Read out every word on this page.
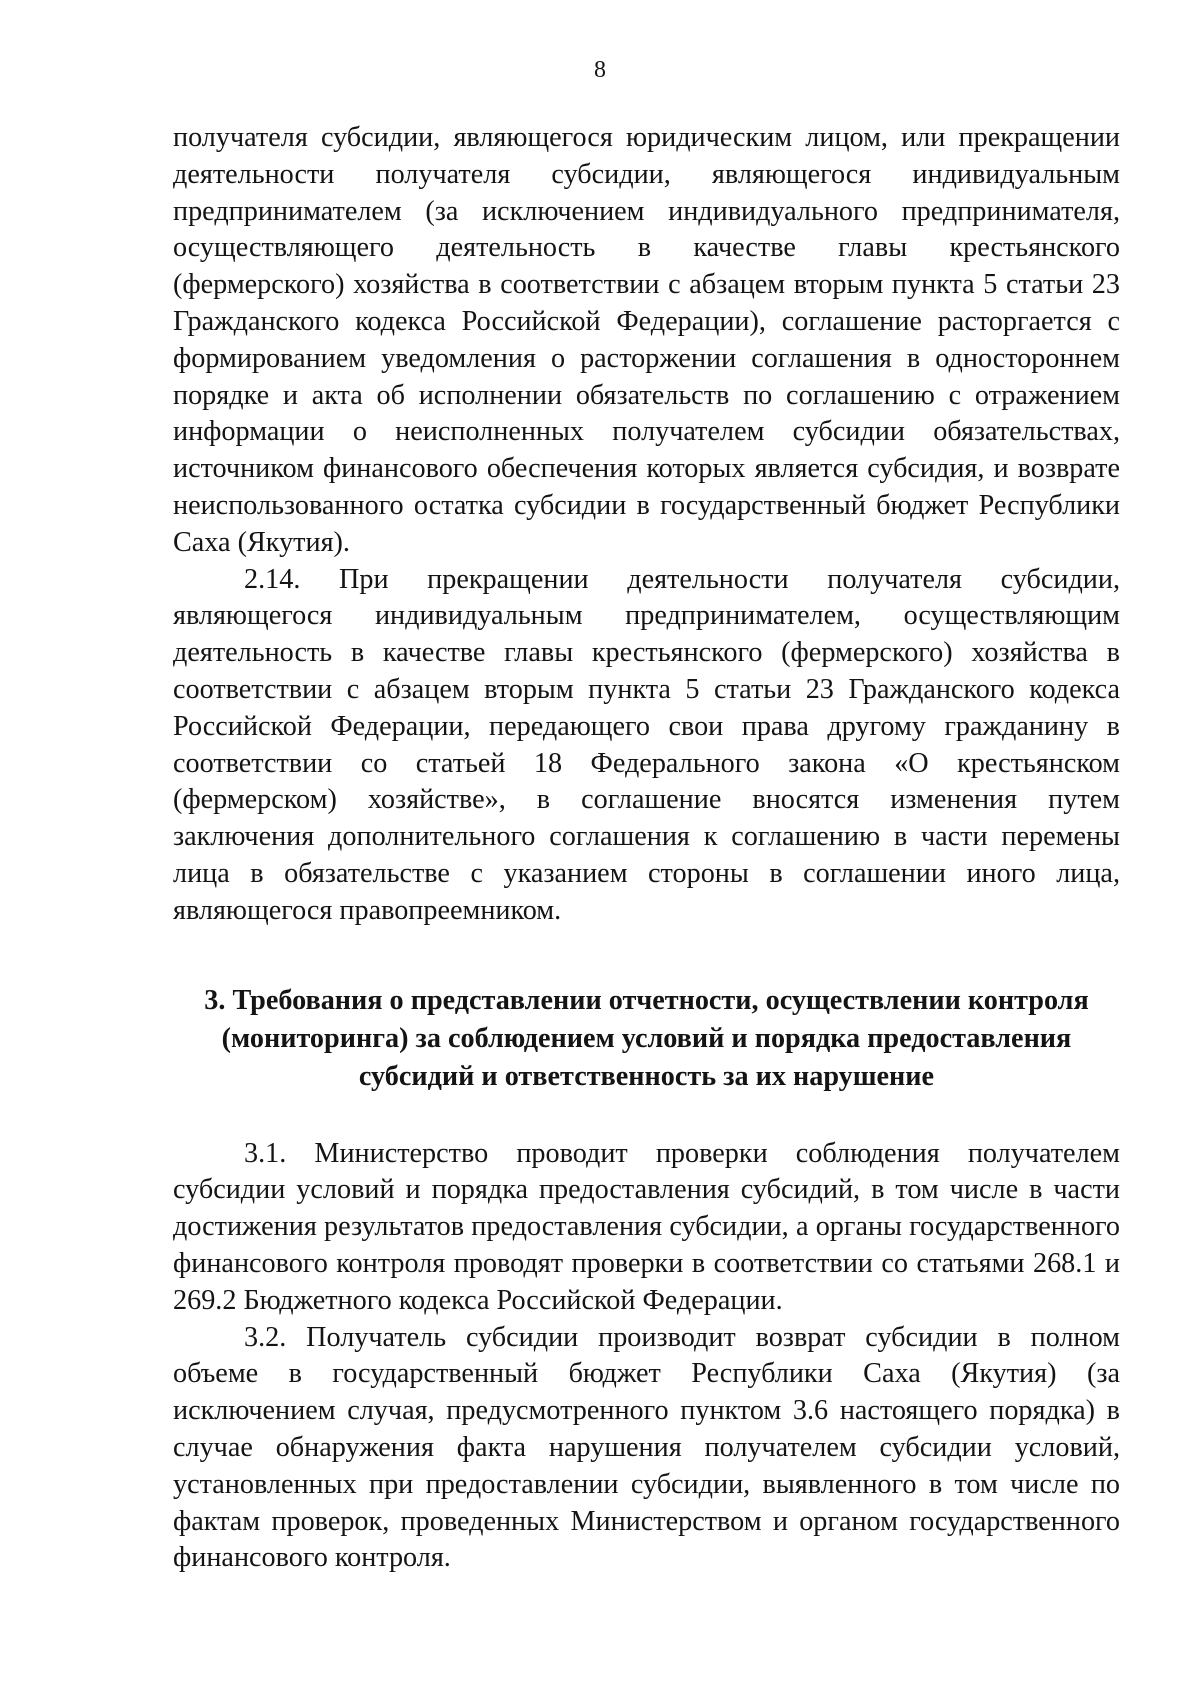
8

получателя субсидии, являющегося юридическим лицом, или прекращении деятельности получателя субсидии, являющегося индивидуальным предпринимателем (за исключением индивидуального предпринимателя, осуществляющего деятельность в качестве главы крестьянского (фермерского) хозяйства в соответствии с абзацем вторым пункта 5 статьи 23 Гражданского кодекса Российской Федерации), соглашение расторгается с формированием уведомления о расторжении соглашения в одностороннем порядке и акта об исполнении обязательств по соглашению с отражением информации о неисполненных получателем субсидии обязательствах, источником финансового обеспечения которых является субсидия, и возврате неиспользованного остатка субсидии в государственный бюджет Республики Саха (Якутия).

2.14. При прекращении деятельности получателя субсидии, являющегося индивидуальным предпринимателем, осуществляющим деятельность в качестве главы крестьянского (фермерского) хозяйства в соответствии с абзацем вторым пункта 5 статьи 23 Гражданского кодекса Российской Федерации, передающего свои права другому гражданину в соответствии со статьей 18 Федерального закона «О крестьянском (фермерском) хозяйстве», в соглашение вносятся изменения путем заключения дополнительного соглашения к соглашению в части перемены лица в обязательстве с указанием стороны в соглашении иного лица, являющегося правопреемником.

3. Требования о представлении отчетности, осуществлении контроля
(мониторинга) за соблюдением условий и порядка предоставления
субсидий и ответственность за их нарушение

3.1. Министерство проводит проверки соблюдения получателем субсидии условий и порядка предоставления субсидий, в том числе в части достижения результатов предоставления субсидии, а органы государственного финансового контроля проводят проверки в соответствии со статьями 268.1 и 269.2 Бюджетного кодекса Российской Федерации.

3.2. Получатель субсидии производит возврат субсидии в полном объеме в государственный бюджет Республики Саха (Якутия) (за исключением случая, предусмотренного пунктом 3.6 настоящего порядка) в случае обнаружения факта нарушения получателем субсидии условий, установленных при предоставлении субсидии, выявленного в том числе по фактам проверок, проведенных Министерством и органом государственного финансового контроля.
